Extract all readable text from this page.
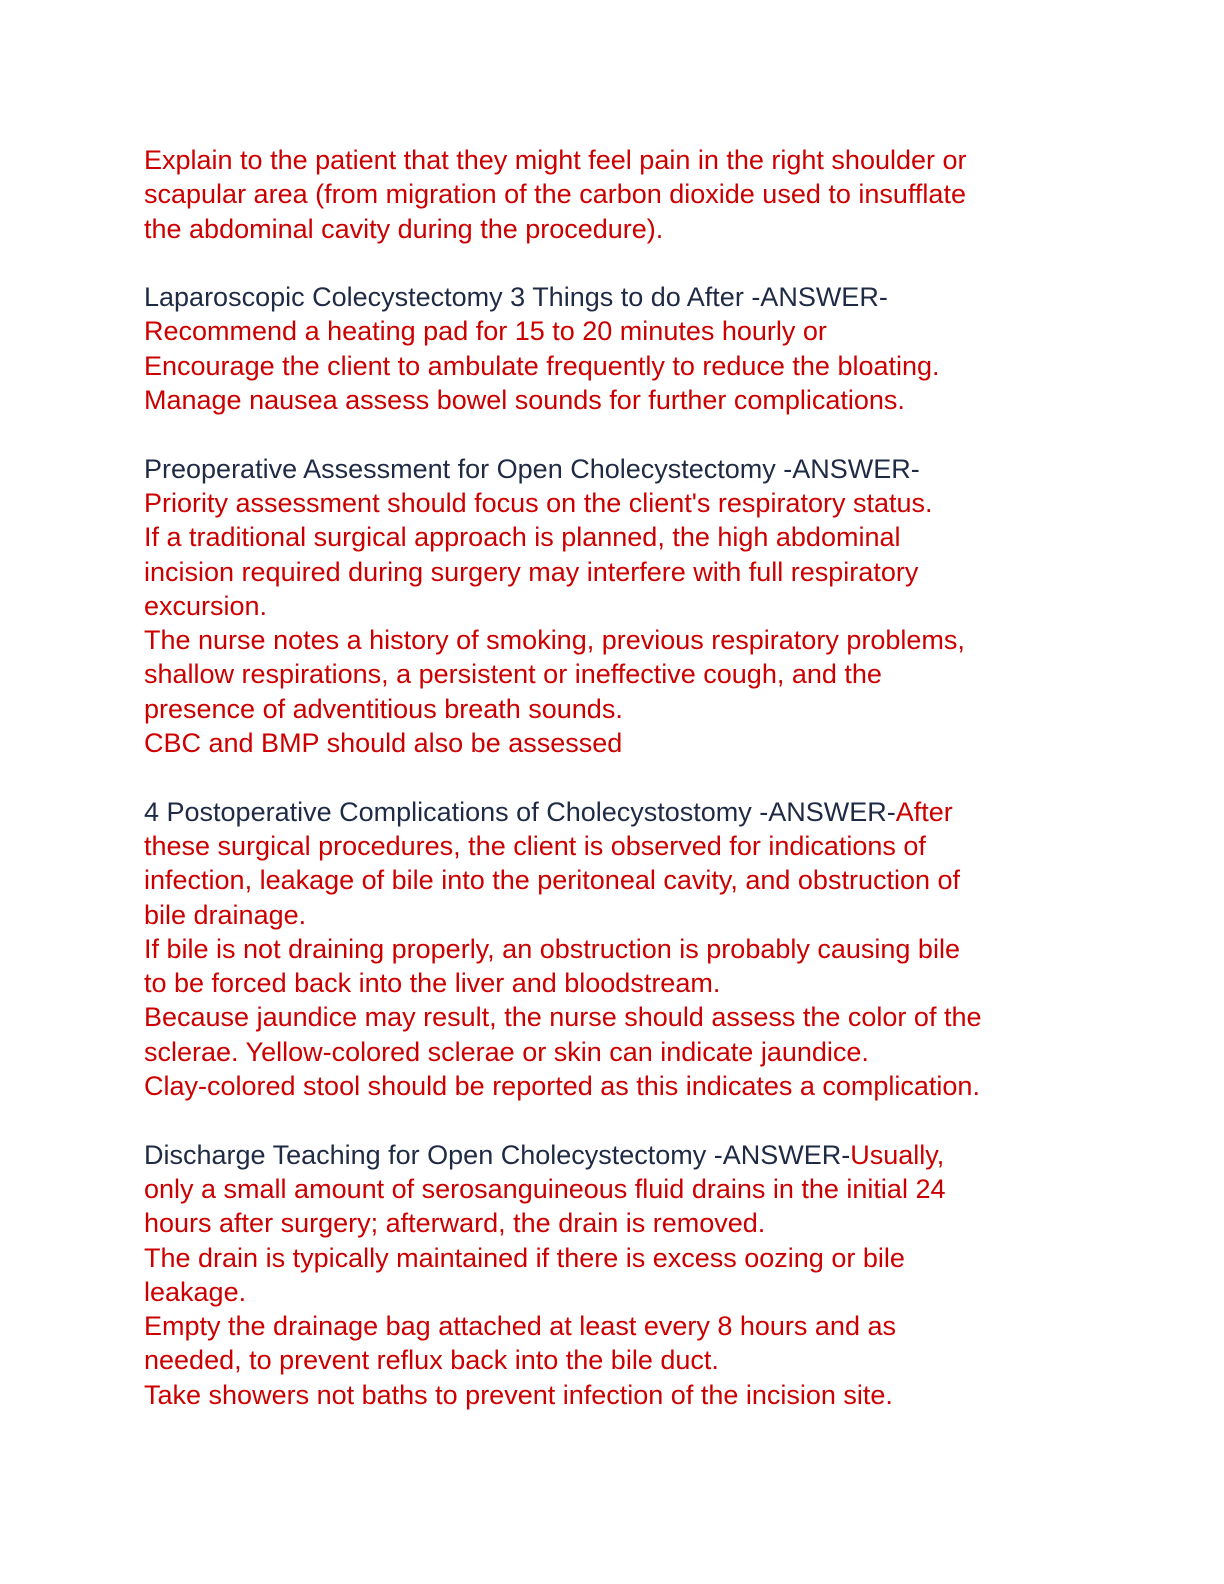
Explain to the patient that they might feel pain in the right shoulder or
scapular area (from migration of the carbon dioxide used to insufflate
the abdominal cavity during the procedure).
Laparoscopic Colecystectomy 3 Things to do After -ANSWER-
Recommend a heating pad for 15 to 20 minutes hourly or
Encourage the client to ambulate frequently to reduce the bloating.
Manage nausea assess bowel sounds for further complications.
Preoperative Assessment for Open Cholecystectomy -ANSWER-
Priority assessment should focus on the client's respiratory status.
If a traditional surgical approach is planned, the high abdominal
incision required during surgery may interfere with full respiratory
excursion.
The nurse notes a history of smoking, previous respiratory problems,
shallow respirations, a persistent or ineffective cough, and the
presence of adventitious breath sounds.
CBC and BMP should also be assessed
4 Postoperative Complications of Cholecystostomy -ANSWER-After
these surgical procedures, the client is observed for indications of
infection, leakage of bile into the peritoneal cavity, and obstruction of
bile drainage.
If bile is not draining properly, an obstruction is probably causing bile
to be forced back into the liver and bloodstream.
Because jaundice may result, the nurse should assess the color of the
sclerae. Yellow-colored sclerae or skin can indicate jaundice.
Clay-colored stool should be reported as this indicates a complication.
Discharge Teaching for Open Cholecystectomy -ANSWER-Usually,
only a small amount of serosanguineous fluid drains in the initial 24
hours after surgery; afterward, the drain is removed.
The drain is typically maintained if there is excess oozing or bile
leakage.
Empty the drainage bag attached at least every 8 hours and as
needed, to prevent reflux back into the bile duct.
Take showers not baths to prevent infection of the incision site.
